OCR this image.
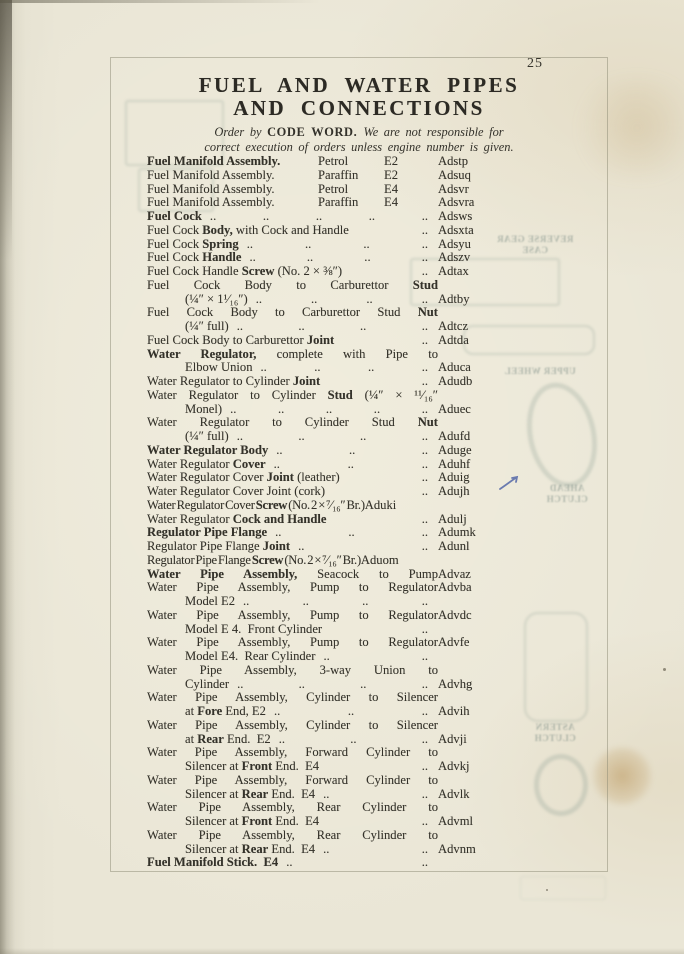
REVERSE GEAR CASE
UPPER WHEEL
AHEAD CLUTCH
ASTERN CLUTCH
25
FUEL AND WATER PIPES
AND CONNECTIONS
Order by CODE WORD. We are not responsible for
correct execution of orders unless engine number is given.
Fuel Manifold Assembly.	Petrol	E2	Adstp
Fuel Manifold Assembly.	Paraffin	E2	Adsuq
Fuel Manifold Assembly.	Petrol	E4	Adsvr
Fuel Manifold Assembly.	Paraffin	E4	Adsvra
Fuel Cock .. .. .. .. .. Adsws
Fuel Cock Body, with Cock and Handle	.. Adsxta
Fuel Cock Spring .. .. .. .. Adsyu
Fuel Cock Handle .. .. .. .. Adszv
Fuel Cock Handle Screw (No. 2 × ⅜″)	.. Adtax
Fuel Cock Body to Carburettor Stud
(¼″ × 1¹⁄₁₆″) .. .. .. .. Adtby
Fuel Cock Body to Carburettor Stud Nut
(¼″ full) .. .. .. .. Adtcz
Fuel Cock Body to Carburettor Joint	.. Adtda
Water Regulator, complete with Pipe to
Elbow Union .. .. .. .. Aduca
Water Regulator to Cylinder Joint	.. Adudb
Water Regulator to Cylinder Stud (¼″ × ¹¹⁄₁₆″
Monel) .. .. .. .. .. Aduec
Water Regulator to Cylinder Stud Nut
(¼″ full) .. .. .. .. Adufd
Water Regulator Body .. .. .. Aduge
Water Regulator Cover .. .. .. Aduhf
Water Regulator Cover Joint (leather)	.. Aduig
Water Regulator Cover Joint (cork)	.. Adujh
Water Regulator Cover Screw (No. 2 × ⁷⁄₁₆″ Br.) Aduki
Water Regulator Cock and Handle	.. Adulj
Regulator Pipe Flange .. .. .. Adumk
Regulator Pipe Flange Joint .. .. Adunl
Regulator Pipe Flange Screw (No. 2 × ⁷⁄₁₆″ Br.) Aduom
Water Pipe Assembly, Seacock to Pump Advaz
Water Pipe Assembly, Pump to Regulator Advba
Model E2 .. .. .. ..
Water Pipe Assembly, Pump to Regulator Advdc
Model E 4. Front Cylinder	..
Water Pipe Assembly, Pump to Regulator Advfe
Model E4. Rear Cylinder .. ..
Water Pipe Assembly, 3-way Union to
Cylinder .. .. .. .. Advhg
Water Pipe Assembly, Cylinder to Silencer
at Fore End, E2 .. .. .. Advih
Water Pipe Assembly, Cylinder to Silencer
at Rear End. E2 .. .. .. Advji
Water Pipe Assembly, Forward Cylinder to
Silencer at Front End. E4	.. Advkj
Water Pipe Assembly, Forward Cylinder to
Silencer at Rear End. E4 .. .. Advlk
Water Pipe Assembly, Rear Cylinder to
Silencer at Front End. E4	.. Advml
Water Pipe Assembly, Rear Cylinder to
Silencer at Rear End. E4 .. .. Advnm
Fuel Manifold Stick. E4 .. ..
